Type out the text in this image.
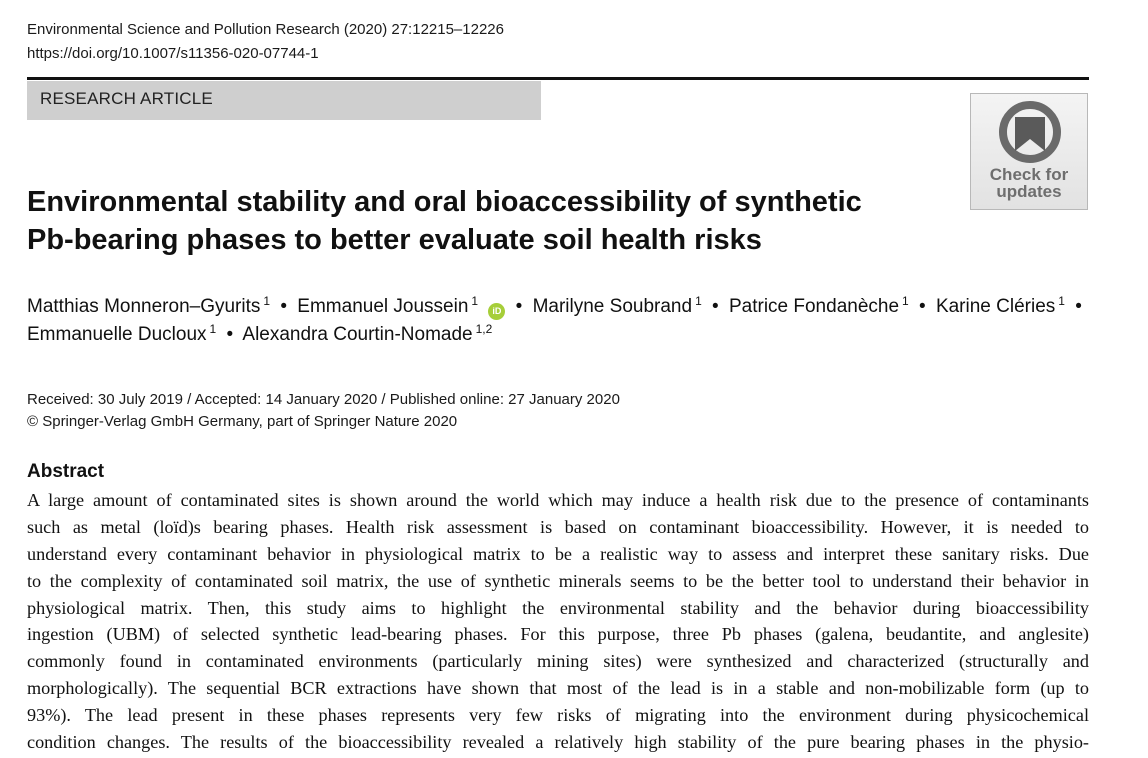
Environmental Science and Pollution Research (2020) 27:12215–12226
https://doi.org/10.1007/s11356-020-07744-1
RESEARCH ARTICLE
Check for
updates
Environmental stability and oral bioaccessibility of synthetic
Pb-bearing phases to better evaluate soil health risks
Matthias Monneron–Gyurits $^1$ • Emmanuel Joussein $^1$ iD • Marilyne Soubrand $^1$ • Patrice Fondanèche $^1$ • Karine Cléries $^1$ •
Emmanuelle Ducloux $^1$ • Alexandra Courtin-Nomade $^{1,2}$
Received: 30 July 2019 / Accepted: 14 January 2020 / Published online: 27 January 2020
© Springer-Verlag GmbH Germany, part of Springer Nature 2020
Abstract
A large amount of contaminated sites is shown around the world which may induce a health risk due to the presence of contaminants
such as metal (loïd)s bearing phases. Health risk assessment is based on contaminant bioaccessibility. However, it is needed to
understand every contaminant behavior in physiological matrix to be a realistic way to assess and interpret these sanitary risks. Due
to the complexity of contaminated soil matrix, the use of synthetic minerals seems to be the better tool to understand their behavior in
physiological matrix. Then, this study aims to highlight the environmental stability and the behavior during bioaccessibility
ingestion (UBM) of selected synthetic lead-bearing phases. For this purpose, three Pb phases (galena, beudantite, and anglesite)
commonly found in contaminated environments (particularly mining sites) were synthesized and characterized (structurally and
morphologically). The sequential BCR extractions have shown that most of the lead is in a stable and non-mobilizable form (up to
93%). The lead present in these phases represents very few risks of migrating into the environment during physicochemical
condition changes. The results of the bioaccessibility revealed a relatively high stability of the pure bearing phases in the physio-
